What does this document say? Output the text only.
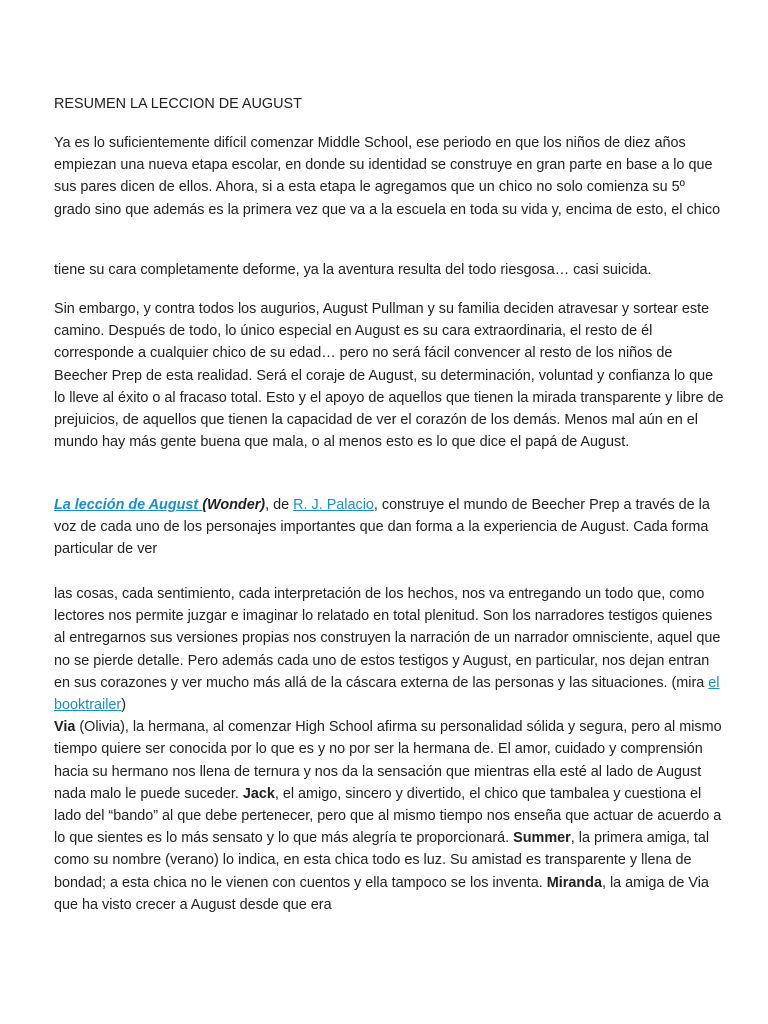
RESUMEN LA LECCION DE AUGUST

Ya es lo suficientemente difícil comenzar Middle School, ese periodo en que los niños de diez años empiezan una nueva etapa escolar, en donde su identidad se construye en gran parte en base a lo que sus pares dicen de ellos. Ahora, si a esta etapa le agregamos que un chico no solo comienza su 5º grado sino que además es la primera vez que va a la escuela en toda su vida y, encima de esto, el chico

tiene su cara completamente deforme, ya la aventura resulta del todo riesgosa… casi suicida.

Sin embargo, y contra todos los augurios, August Pullman y su familia deciden atravesar y sortear este camino. Después de todo, lo único especial en August es su cara extraordinaria, el resto de él corresponde a cualquier chico de su edad… pero no será fácil convencer al resto de los niños de Beecher Prep de esta realidad. Será el coraje de August, su determinación, voluntad y confianza lo que lo lleve al éxito o al fracaso total. Esto y el apoyo de aquellos que tienen la mirada transparente y libre de prejuicios, de aquellos que tienen la capacidad de ver el corazón de los demás. Menos mal aún en el mundo hay más gente buena que mala, o al menos esto es lo que dice el papá de August.

La lección de August (Wonder), de R. J. Palacio, construye el mundo de Beecher Prep a través de la voz de cada uno de los personajes importantes que dan forma a la experiencia de August. Cada forma particular de ver

las cosas, cada sentimiento, cada interpretación de los hechos, nos va entregando un todo que, como lectores nos permite juzgar e imaginar lo relatado en total plenitud. Son los narradores testigos quienes al entregarnos sus versiones propias nos construyen la narración de un narrador omnisciente, aquel que no se pierde detalle. Pero además cada uno de estos testigos y August, en particular, nos dejan entran en sus corazones y ver mucho más allá de la cáscara externa de las personas y las situaciones. (mira el booktrailer)
Via (Olivia), la hermana, al comenzar High School afirma su personalidad sólida y segura, pero al mismo tiempo quiere ser conocida por lo que es y no por ser la hermana de. El amor, cuidado y comprensión hacia su hermano nos llena de ternura y nos da la sensación que mientras ella esté al lado de August nada malo le puede suceder. Jack, el amigo, sincero y divertido, el chico que tambalea y cuestiona el lado del “bando” al que debe pertenecer, pero que al mismo tiempo nos enseña que actuar de acuerdo a lo que sientes es lo más sensato y lo que más alegría te proporcionará. Summer, la primera amiga, tal como su nombre (verano) lo indica, en esta chica todo es luz. Su amistad es transparente y llena de bondad; a esta chica no le vienen con cuentos y ella tampoco se los inventa. Miranda, la amiga de Via que ha visto crecer a August desde que era
